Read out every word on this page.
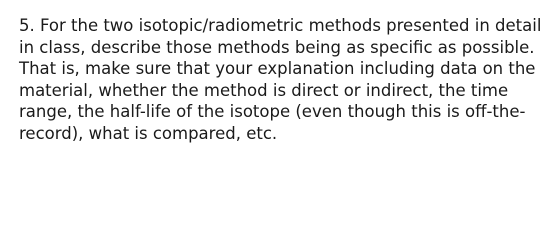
5. For the two isotopic/radiometric methods presented in detail
in class, describe those methods being as specific as possible.
That is, make sure that your explanation including data on the
material, whether the method is direct or indirect, the time
range, the half-life of the isotope (even though this is off-the-
record), what is compared, etc.
